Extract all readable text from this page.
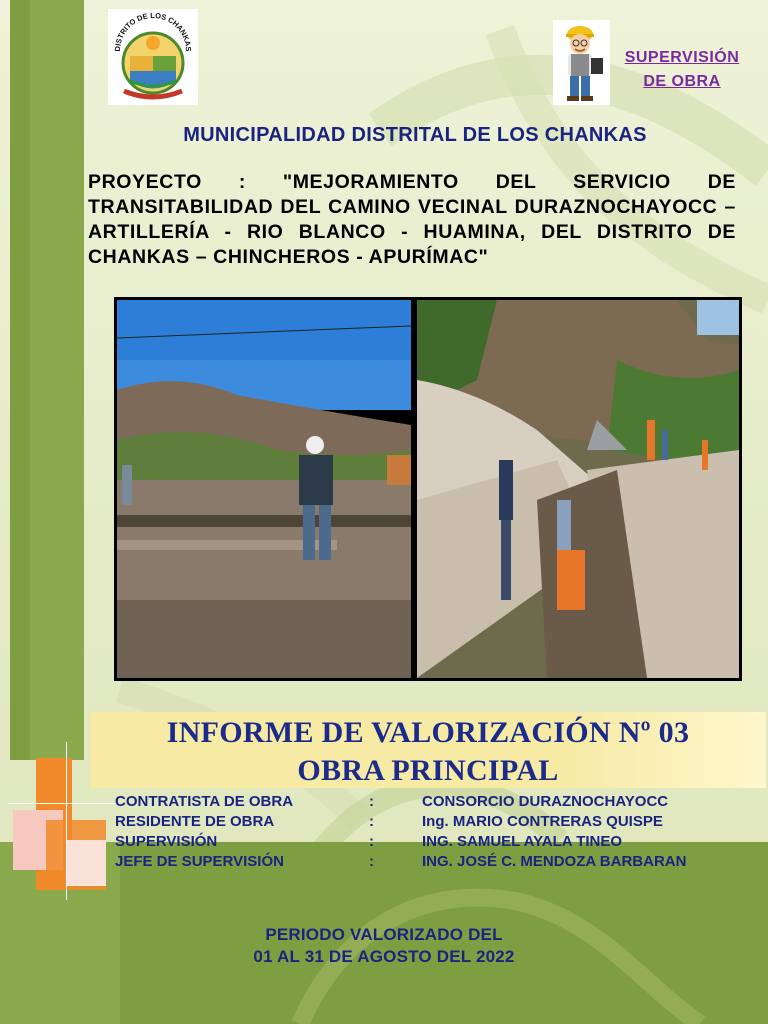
DISTRITO DE LOS CHANKAS
SUPERVISIÓN
DE OBRA
MUNICIPALIDAD DISTRITAL DE LOS CHANKAS
PROYECTO : "MEJORAMIENTO DEL SERVICIO DE TRANSITABILIDAD DEL CAMINO VECINAL DURAZNOCHAYOCC – ARTILLERÍA - RIO BLANCO - HUAMINA, DEL DISTRITO DE CHANKAS – CHINCHEROS - APURÍMAC"
INFORME DE VALORIZACIÓN Nº 03
OBRA PRINCIPAL
CONTRATISTA DE OBRA	:	CONSORCIO DURAZNOCHAYOCC
RESIDENTE DE OBRA	:	Ing. MARIO CONTRERAS QUISPE
SUPERVISIÓN	:	ING. SAMUEL AYALA TINEO
JEFE DE SUPERVISIÓN	:	ING. JOSÉ C. MENDOZA BARBARAN
PERIODO VALORIZADO DEL
01 AL 31 DE AGOSTO DEL 2022
